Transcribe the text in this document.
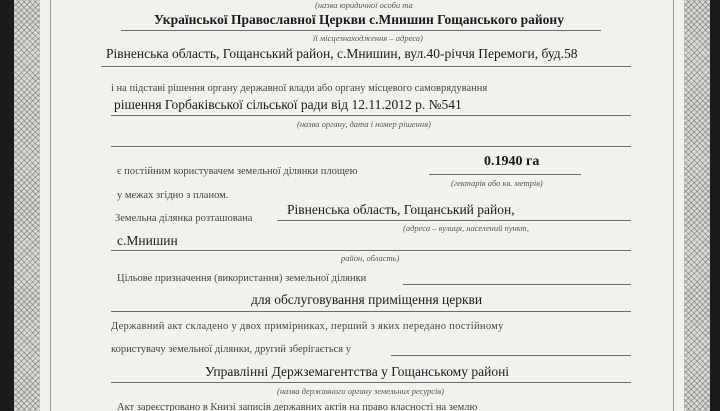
(назва юридичної особи та
Української Православної Церкви с.Мнишин Гощанського району
її місцезнаходження – адреса)
Рівненська область, Гощанський район, с.Мнишин, вул.40-річчя Перемоги, буд.58
і на підставі рішення органу державної влади або органу місцевого самоврядування
рішення Горбаківської сільської ради від 12.11.2012 р. №541
(назва органу, дата і номер рішення)
є постійним користувачем земельної ділянки площею
0.1940 га
(гектарів або кв. метрів)
у межах згідно з планом.
Земельна ділянка розташована
Рівненська область, Гощанський район,
(адреса – вулиця, населений пункт,
с.Мнишин
район, область)
Цільове призначення (використання) земельної ділянки
для обслуговування приміщення церкви
Державний акт складено у двох примірниках, перший з яких передано постійному
користувачу земельної ділянки, другий зберігається у
Управлінні Держземагентства у Гощанському районі
(назва державного органу земельних ресурсів)
Акт зареєстровано в Книзі записів державних актів на право власності на землю
